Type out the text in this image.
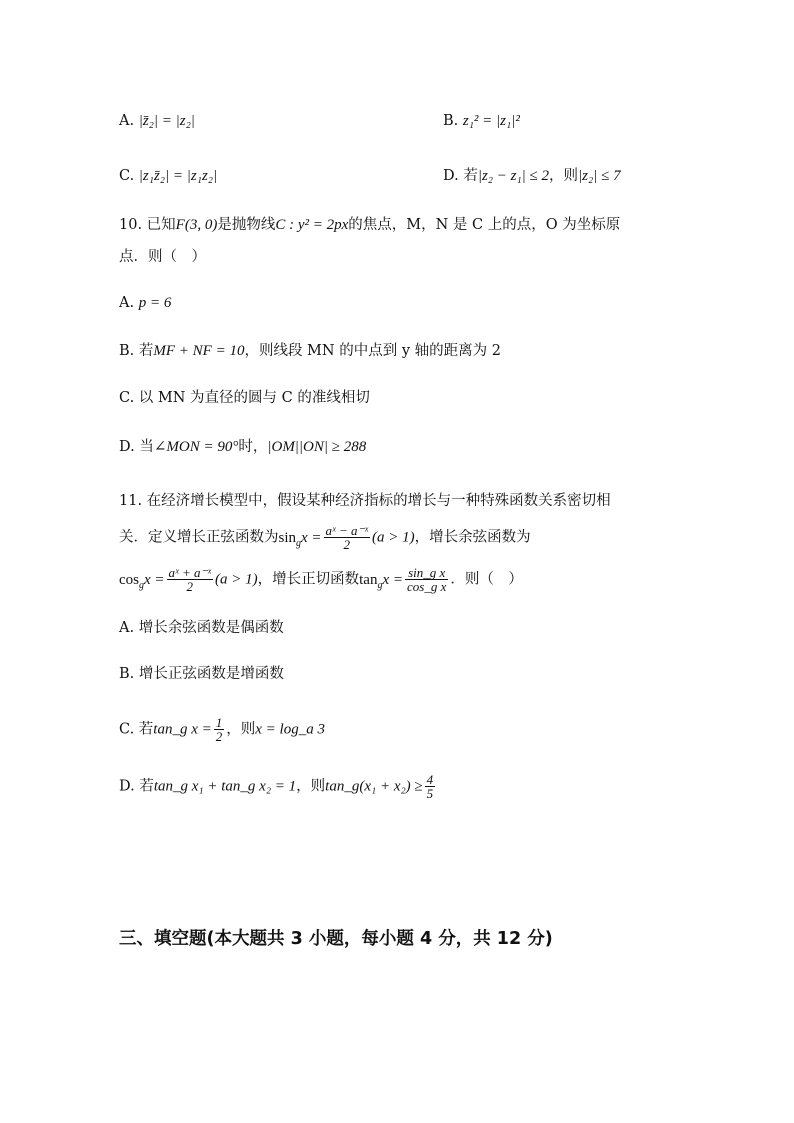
A. |z̄₂| = |z₂|	B. z₁² = |z₁|²
C. |z₁z̄₂| = |z₁z₂|	D. 若|z₂ − z₁| ≤ 2，则|z₂| ≤ 7
10. 已知F(3, 0)是抛物线C : y² = 2px的焦点，M，N 是 C 上的点，O 为坐标原
点．则（　）
A. p = 6
B. 若MF + NF = 10，则线段 MN 的中点到 y 轴的距离为 2
C. 以 MN 为直径的圆与 C 的准线相切
D. 当∠MON = 90°时，|OM||ON| ≥ 288
11. 在经济增长模型中，假设某种经济指标的增长与一种特殊函数关系密切相
关．定义增长正弦函数为$\sin_gx = \frac{\text{aˣ − a⁻ˣ}}{2} (a > 1)$，增长余弦函数为
$\cos_gx = \frac{\text{aˣ + a⁻ˣ}}{2} (a > 1)$，增长正切函数$\tan_gx = \frac{\text{sin\_g x}}{\text{cos\_g x}}$ ．则（　）
A. 增长余弦函数是偶函数
B. 增长正弦函数是增函数
C. 若tan_g $x = \frac{1}{2}$ ，则x = log_a 3
D. 若tan_g x₁ + tan_g x₂ = 1，则tan_g(x₁ + $x_2) \ge \frac{4}{5}$
三、填空题(本大题共 3 小题，每小题 4 分，共 12 分)
